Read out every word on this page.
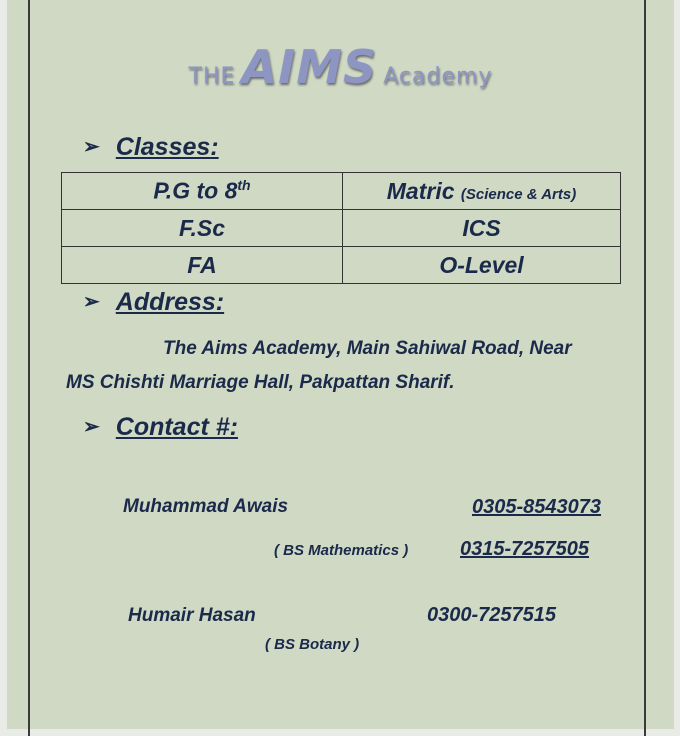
THE AIMS Academy
➢ Classes:
P.G to 8th	Matric (Science & Arts)
F.Sc	ICS
FA	O-Level
➢ Address:
The Aims Academy, Main Sahiwal Road, Near
MS Chishti Marriage Hall, Pakpattan Sharif.
➢ Contact #:
Muhammad Awais	0305-8543073
( BS Mathematics )	0315-7257505
Humair Hasan	0300-7257515
( BS Botany )
